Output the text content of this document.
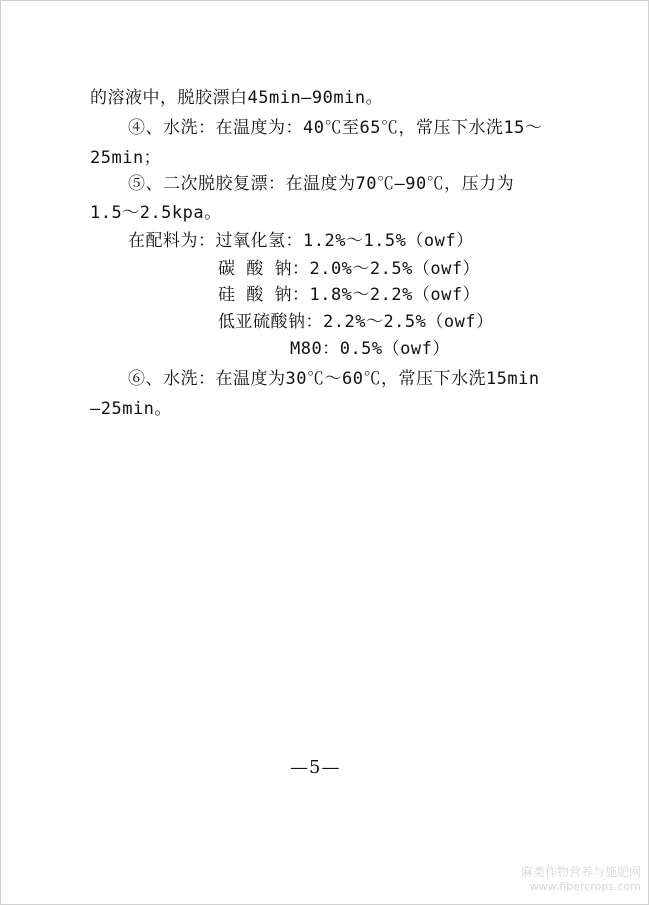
的溶液中，脱胶漂白45min—90min。
④、水洗：在温度为：40℃至65℃，常压下水洗15～
25min；
⑤、二次脱胶复漂：在温度为70℃—90℃，压力为
1.5～2.5kpa。
在配料为：过氧化氢：1.2%～1.5%（owf）
碳 酸 钠：2.0%～2.5%（owf）
硅 酸 钠：1.8%～2.2%（owf）
低亚硫酸钠：2.2%～2.5%（owf）
M80：0.5%（owf）
⑥、水洗：在温度为30℃～60℃，常压下水洗15min
—25min。
—5—
麻类作物营养与施肥网
www.fibercrops.com
